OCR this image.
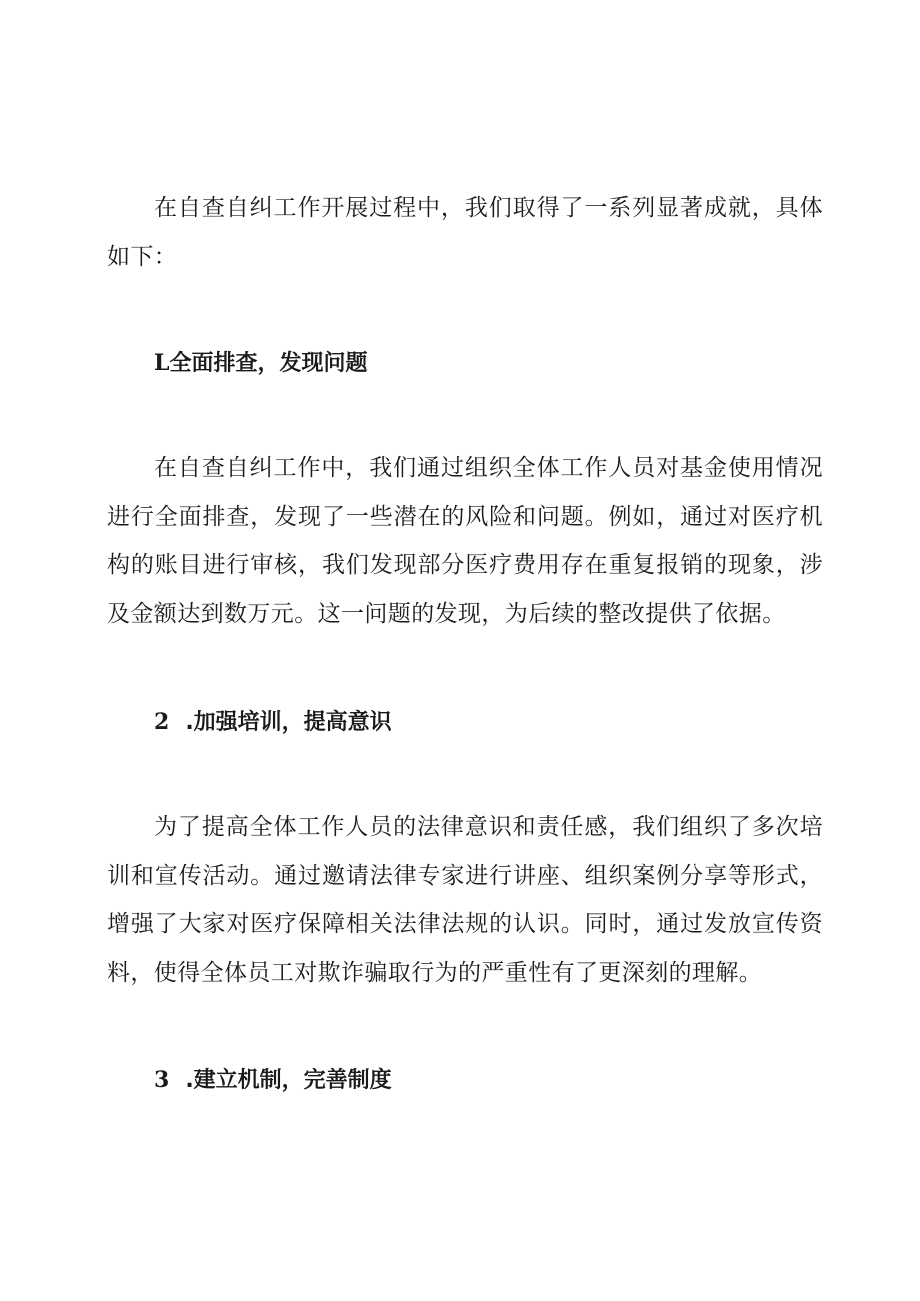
在自查自纠工作开展过程中，我们取得了一系列显著成就，具体如下：

L全面排查，发现问题

在自查自纠工作中，我们通过组织全体工作人员对基金使用情况进行全面排查，发现了一些潜在的风险和问题。例如，通过对医疗机构的账目进行审核，我们发现部分医疗费用存在重复报销的现象，涉及金额达到数万元。这一问题的发现，为后续的整改提供了依据。

2 .加强培训，提高意识

为了提高全体工作人员的法律意识和责任感，我们组织了多次培训和宣传活动。通过邀请法律专家进行讲座、组织案例分享等形式，增强了大家对医疗保障相关法律法规的认识。同时，通过发放宣传资料，使得全体员工对欺诈骗取行为的严重性有了更深刻的理解。

3 .建立机制，完善制度
